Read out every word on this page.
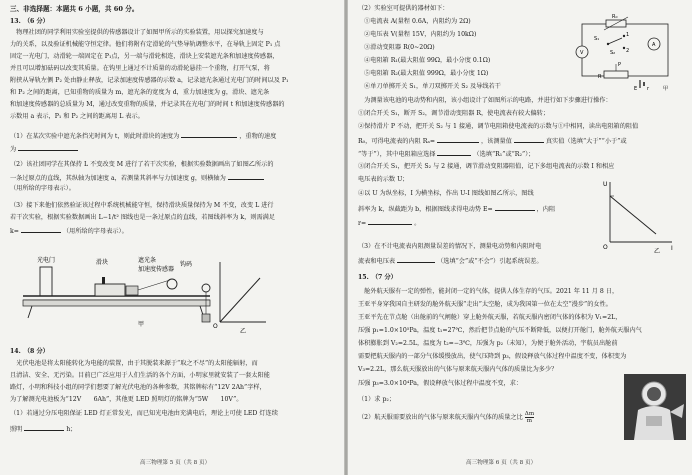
三、非选择题：本题共 6 小题，共 60 分。
13.　（6 分）
　物理社团的同学利用实验室提供的传感器设计了如图甲所示的实验装置，用以探究加速度与
力的关系，以及验证机械能守恒定律。他们将附有定滑轮的气垫导轨调整水平，在导轨上固定 P₁ 点
固定一光电门，动滑轮一端固定在 P₁点，另一端与滑轮相连，滑块上安装遮光条和加速度传感器，
并且可以增加砝码以改变其质量。在钩里上通过不计质量的动滑轮悬挂一个重物，打开气泵，将
附挟从导轨左侧 P₂ 处由静止释放，记录加速度传感器的示数 a，记录遮光条通过光电门的时间以及 P₁
和 P₂ 之间的距离，已知重物的质量为 m，遮光条的宽度为 d，重力加速度为 g，滑块、遮光条
和加速度传感器的总质量为 M，通过改变重物的质量，并记录其在光电门的时间 t 和加速度传感器的
示数用 a 表示，P₁ 和 P₂ 之间的距离用 L 表示。
（1）在某次实验中遮光条挡光时间为 t，则此时滑块的速度为	，重物的速度
为
（2）该社团同学在其保持 L 不变改变 M 进行了若干次实验，根据实验数据画出了如图乙所示的
一条过原点的直线，其纵轴为加速度 a，若测量其斜率与力加速度 g，则横轴为
（用所给的字母表示）。
（3）接下来他们依然验证该过程中系统机械能守恒，保持滑块质量保持为 M 不变，改变 L 进行
若干次实验，根据实验数据画出 L−1/t² 图线也是一条过原点的直线，若图线斜率为 k，则需满足
k=	（用所给的字母表示）。
光电门	滑块	遮光条
加速度传感器
钩码
甲	O
乙
14.　（8 分）
　光伏电池是将太阳能转化为电能的装置，由于其脱装来源于“取之不尽”的太阳能辐射，而
且清洁、安全、无污染。目前已广泛应用于人们生活的各个方面，小明家里就安装了一套太阳能
路灯，小明和科技小组的同学们想要了解光伏电池的各种参数，其铭牌标有“12V 2Ah”字样，
为了解测光电池板为“12V　　6Ah”，其他更 LED 照明灯的铭牌为“5W　　10V”。
（1）若通过分压电阻保证 LED 灯正常发光，而已知光电池由充满电后，理论上可使 LED 灯连续
照明	h；
高三物理第 5 页（共 8 页）
（2）实验室可提供的器材如下：
①电流表 A(量程 0.6A，内阻约为 2Ω)
②电压表 V(量程 15V，内阻约为 10kΩ)
③滑动变阻器 R(0~20Ω)
④电阻箱 R₁(最大阻值 99Ω，最小分度 0.1Ω)
⑤电阻箱 R₂(最大阻值 999Ω，最小分度 1Ω)
⑥单刀单掷开关 S₁，单刀双掷开关 S₂ 及导线若干
R₀
A
V
S₁
S₂
1
2
R
P
E r	甲
　为测量该电池的电动势和内阻，该小组设计了如图所示的电路，并进行如下步骤进行操作：
①闭合开关 S₁，断开 S₂，调节滑动变阻器 R，使电流表有较大偏转；
②保持滑片 P 不动，把开关 S₂ 与 1 接通，调节电阻箱使电流表的示数与①中相同，读出电阻箱的阻值
R₀，可得电流表的内阻 Rₐ=	，该测量值	真实值（选填“大于”“小于”或
“等于”），其中电阻箱应选择	（选填“R₁”或“R₂”）；
③闭合开关 S₁，把开关 S₂ 与 2 接通，调节滑动变阻器阻值，记下多组电流表的示数 I 和相应
电压表的示数 U；
④以 U 为纵坐标，I 为横坐标，作出 U-I 图线如图乙所示，图线
斜率为 k，纵截距为 b，根据图线求得电动势 E=	，内阻
r=	。
U
I
O
乙
（3）在不计电流表内阻测量误差的情况下，测量电动势和内阻时电
流表和电压表	（选填“会”或“不会”）引起系统误差。
15.　（7 分）
　舱外航天服有一定的弹性，能封闭一定的气体，提供人体生存的气压。2021 年 11 月 8 日，
王亚平身穿我国自主研发的舱外航天服“走出”太空舱，成为我国第一位在太空“漫步”的女性。
王亚平先在节点舱（出舱前的气闸舱）穿上舱外航天服，若航天服内密闭气体的体积为 V₁=2L，
压强 p₁=1.0×10⁵Pa，温度 t₁=27℃，然后把节点舱的气压不断降低，以便打开舱门，舱外航天服内气
体积膨胀到 V₂=2.5L，温度为 t₂=−3℃，压强为 p₂（未知），为便于舱外活动，宇航员出舱前
需要把航天服内的一部分气体缓慢放出，使气压降到 p₃，假设释放气体过程中温度不变，体积变为
V₃=2.2L，那么航天服放出的气体与原来航天服内气体的质量比为多少？
压强 p₃=3.0×10⁴Pa，假设释放气体过程中温度不变，求：
（1）求 p₂；
（2）航天服需要放出的气体与原来航天服内气体的质量之比 $\frac{\Delta m}{m}$
高三物理第 6 页（共 8 页）
